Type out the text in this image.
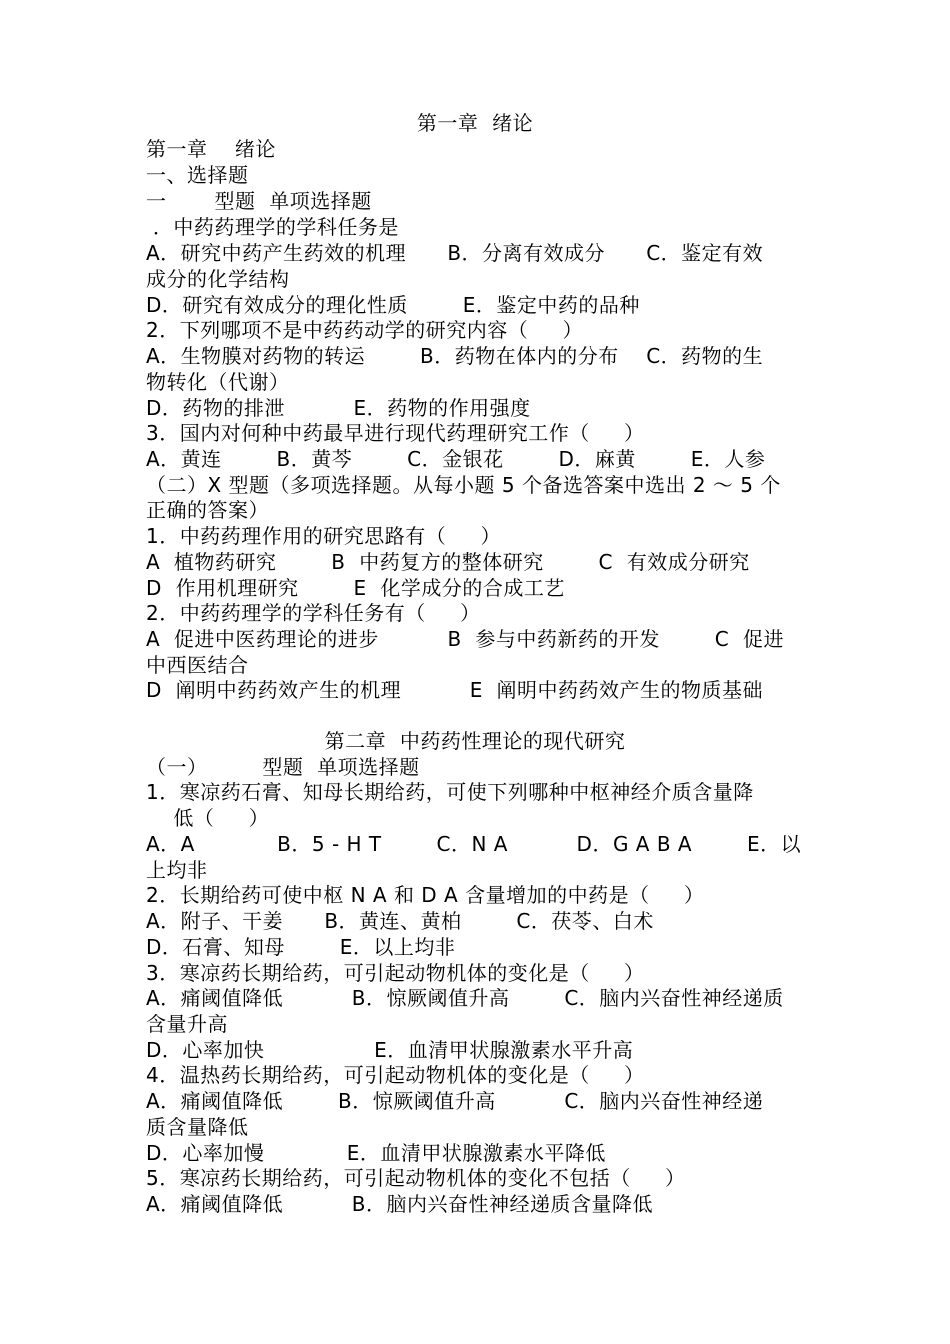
第一章  绪论
第一章    绪论
一、选择题
一       型题  单项选择题
．中药药理学的学科任务是
A．研究中药产生药效的机理      B．分离有效成分      C．鉴定有效
成分的化学结构
D．研究有效成分的理化性质        E．鉴定中药的品种
2．下列哪项不是中药药动学的研究内容（     ）
A．生物膜对药物的转运        B．药物在体内的分布    C．药物的生
物转化（代谢）
D．药物的排泄          E．药物的作用强度
3．国内对何种中药最早进行现代药理研究工作（     ）
A．黄连        B．黄芩        C．金银花        D．麻黄        E．人参
（二）X 型题（多项选择题。从每小题 5 个备选答案中选出 2 ～ 5 个
正确的答案）
1．中药药理作用的研究思路有（     ）
A  植物药研究        B  中药复方的整体研究        C  有效成分研究
D  作用机理研究        E  化学成分的合成工艺
2．中药药理学的学科任务有（     ）
A  促进中医药理论的进步          B  参与中药新药的开发        C  促进
中西医结合
D  阐明中药药效产生的机理          E  阐明中药药效产生的物质基础
第二章  中药药性理论的现代研究
（一）        型题  单项选择题
1．寒凉药石膏、知母长期给药，可使下列哪种中枢神经介质含量降
低（     ）
A．A            B．5 - H T        C．N A          D．G A B A        E．以
上均非
2．长期给药可使中枢 N A 和 D A 含量增加的中药是（     ）
A．附子、干姜      B．黄连、黄柏        C．茯苓、白术
D．石膏、知母        E．以上均非
3．寒凉药长期给药，可引起动物机体的变化是（     ）
A．痛阈值降低          B．惊厥阈值升高        C．脑内兴奋性神经递质
含量升高
D．心率加快                E．血清甲状腺激素水平升高
4．温热药长期给药，可引起动物机体的变化是（     ）
A．痛阈值降低        B．惊厥阈值升高          C．脑内兴奋性神经递
质含量降低
D．心率加慢            E．血清甲状腺激素水平降低
5．寒凉药长期给药，可引起动物机体的变化不包括（     ）
A．痛阈值降低          B．脑内兴奋性神经递质含量降低
